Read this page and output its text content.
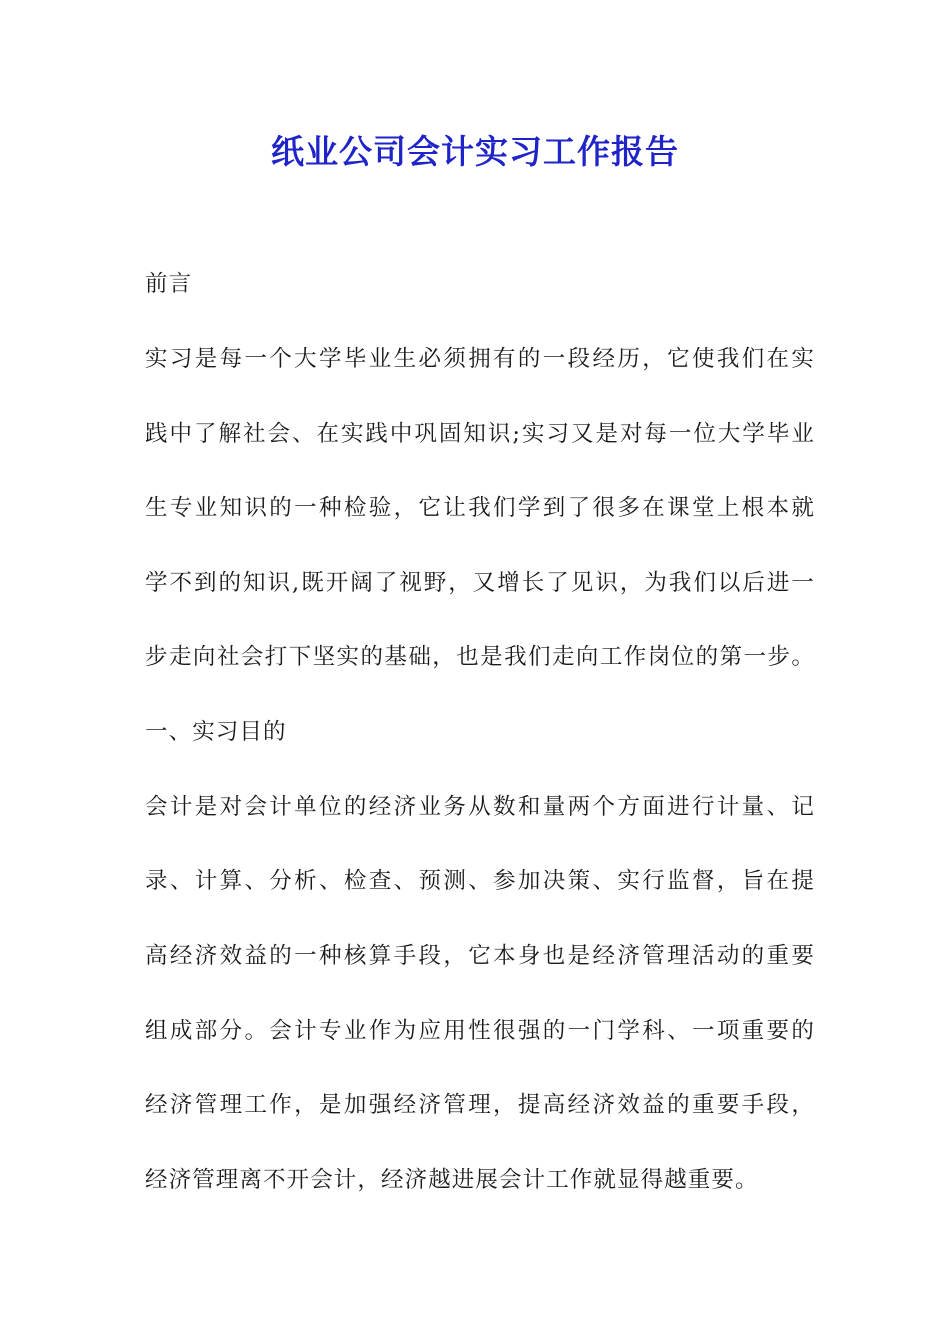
纸业公司会计实习工作报告

前言

实习是每一个大学毕业生必须拥有的一段经历，它使我们在实

践中了解社会、在实践中巩固知识;实习又是对每一位大学毕业

生专业知识的一种检验，它让我们学到了很多在课堂上根本就

学不到的知识,既开阔了视野，又增长了见识，为我们以后进一

步走向社会打下坚实的基础，也是我们走向工作岗位的第一步。

一、实习目的

会计是对会计单位的经济业务从数和量两个方面进行计量、记

录、计算、分析、检查、预测、参加决策、实行监督，旨在提

高经济效益的一种核算手段，它本身也是经济管理活动的重要

组成部分。会计专业作为应用性很强的一门学科、一项重要的

经济管理工作，是加强经济管理，提高经济效益的重要手段，

经济管理离不开会计，经济越进展会计工作就显得越重要。
